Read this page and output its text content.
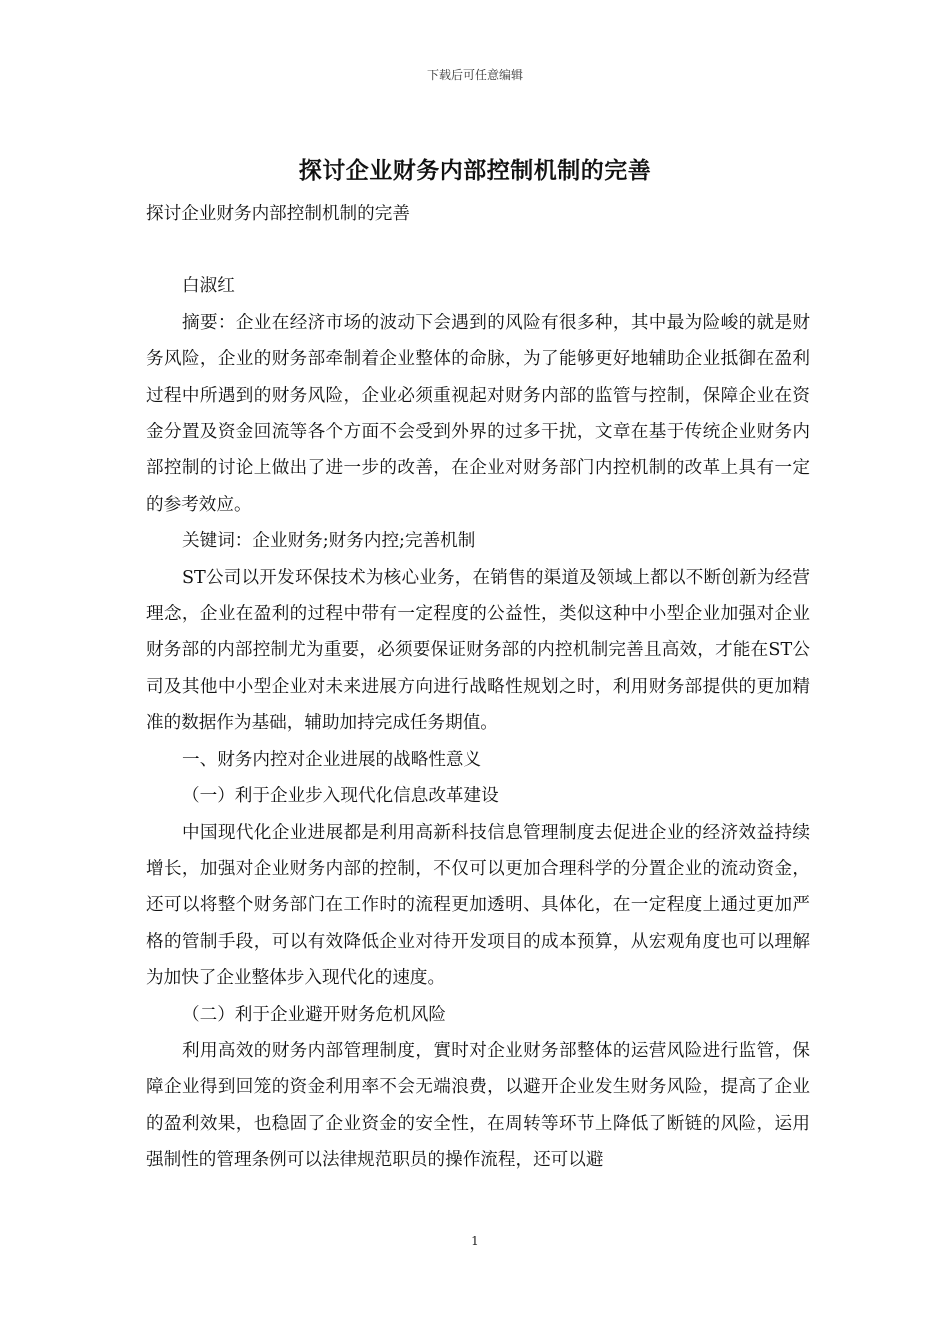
下载后可任意编辑
探讨企业财务内部控制机制的完善

探讨企业财务内部控制机制的完善

白淑红

摘要：企业在经济市场的波动下会遇到的风险有很多种，其中最为险峻的就是财务风险，企业的财务部牵制着企业整体的命脉，为了能够更好地辅助企业抵御在盈利过程中所遇到的财务风险，企业必须重视起对财务内部的监管与控制，保障企业在资金分置及资金回流等各个方面不会受到外界的过多干扰，文章在基于传统企业财务内部控制的讨论上做出了进一步的改善，在企业对财务部门内控机制的改革上具有一定的参考效应。

关键词：企业财务;财务内控;完善机制

ST公司以开发环保技术为核心业务，在销售的渠道及领域上都以不断创新为经营理念，企业在盈利的过程中带有一定程度的公益性，类似这种中小型企业加强对企业财务部的内部控制尤为重要，必须要保证财务部的内控机制完善且高效，才能在ST公司及其他中小型企业对未来进展方向进行战略性规划之时，利用财务部提供的更加精准的数据作为基础，辅助加持完成任务期值。

一、财务内控对企业进展的战略性意义

（一）利于企业步入现代化信息改革建设

中国现代化企业进展都是利用高新科技信息管理制度去促进企业的经济效益持续增长，加强对企业财务内部的控制，不仅可以更加合理科学的分置企业的流动资金，还可以将整个财务部门在工作时的流程更加透明、具体化，在一定程度上通过更加严格的管制手段，可以有效降低企业对待开发项目的成本预算，从宏观角度也可以理解为加快了企业整体步入现代化的速度。

（二）利于企业避开财务危机风险

利用高效的财务内部管理制度，實时对企业财务部整体的运营风险进行监管，保障企业得到回笼的资金利用率不会无端浪费，以避开企业发生财务风险，提高了企业的盈利效果，也稳固了企业资金的安全性，在周转等环节上降低了断链的风险，运用强制性的管理条例可以法律规范职员的操作流程，还可以避

1
